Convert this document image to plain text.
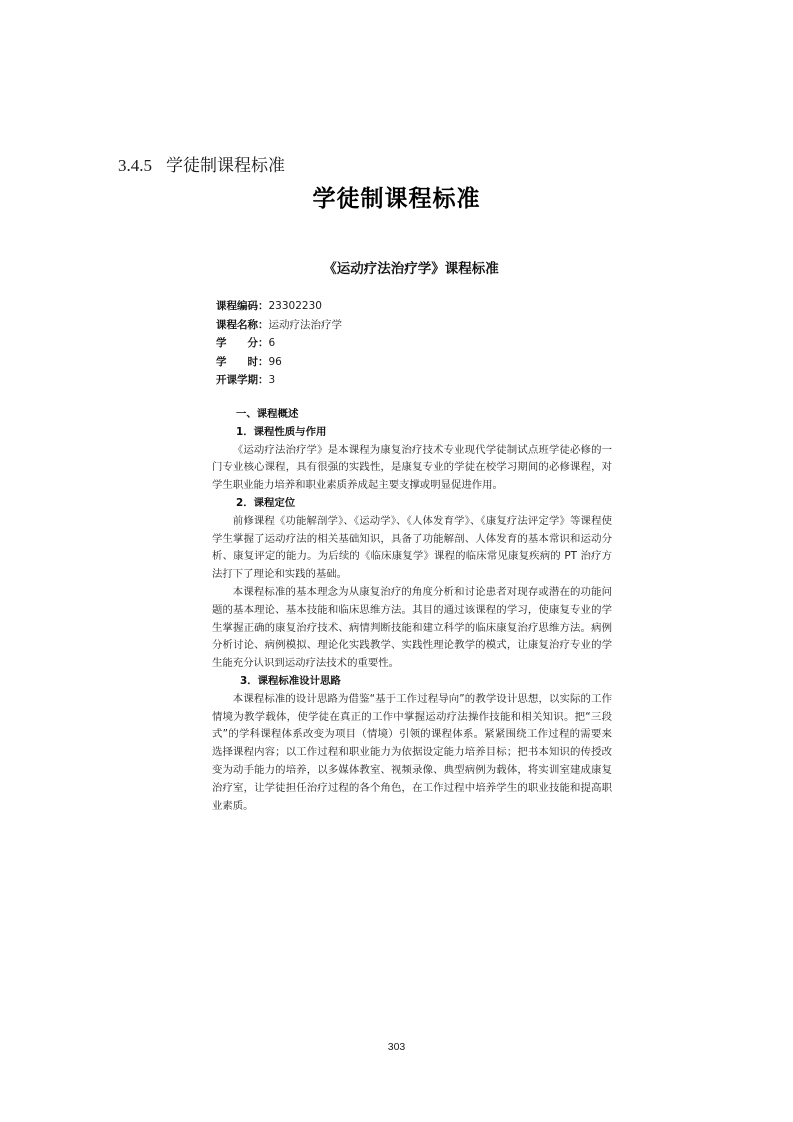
3.4.5 学徒制课程标准
学徒制课程标准
《运动疗法治疗学》课程标准
课程编码：23302230
课程名称：运动疗法治疗学
学　　分：6
学　　时：96
开课学期：3
一、课程概述
1．课程性质与作用

《运动疗法治疗学》是本课程为康复治疗技术专业现代学徒制试点班学徒必修的一门专业核心课程，具有很强的实践性，是康复专业的学徒在校学习期间的必修课程，对学生职业能力培养和职业素质养成起主要支撑或明显促进作用。

2．课程定位

前修课程《功能解剖学》、《运动学》、《人体发育学》、《康复疗法评定学》等课程使学生掌握了运动疗法的相关基础知识，具备了功能解剖、人体发育的基本常识和运动分析、康复评定的能力。为后续的《临床康复学》课程的临床常见康复疾病的 PT 治疗方法打下了理论和实践的基础。

本课程标准的基本理念为从康复治疗的角度分析和讨论患者对现存或潜在的功能问题的基本理论、基本技能和临床思维方法。其目的通过该课程的学习，使康复专业的学生掌握正确的康复治疗技术、病情判断技能和建立科学的临床康复治疗思维方法。病例分析讨论、病例模拟、理论化实践教学、实践性理论教学的模式，让康复治疗专业的学生能充分认识到运动疗法技术的重要性。

3．课程标准设计思路

本课程标准的设计思路为借鉴“基于工作过程导向”的教学设计思想，以实际的工作情境为教学载体，使学徒在真正的工作中掌握运动疗法操作技能和相关知识。把“三段式”的学科课程体系改变为项目（情境）引领的课程体系。紧紧围绕工作过程的需要来选择课程内容；以工作过程和职业能力为依据设定能力培养目标；把书本知识的传授改变为动手能力的培养，以多媒体教室、视频录像、典型病例为载体，将实训室建成康复治疗室，让学徒担任治疗过程的各个角色，在工作过程中培养学生的职业技能和提高职业素质。

303
